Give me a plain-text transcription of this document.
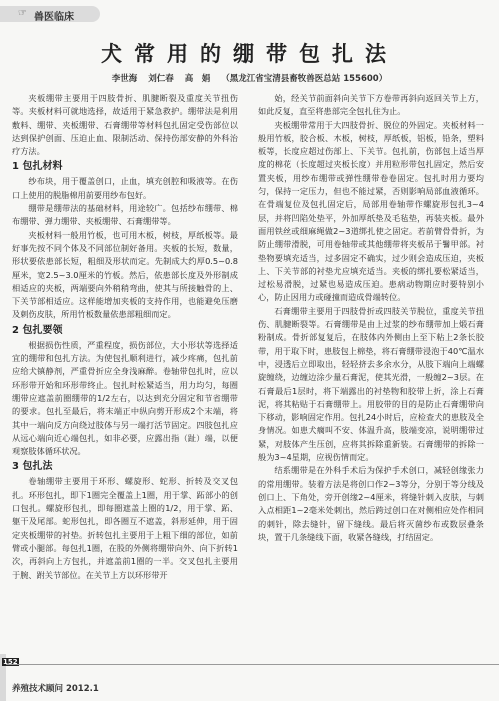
☞ 兽医临床
犬常用的绷带包扎法
李世海 刘仁春 高　娟 （黑龙江省宝清县畜牧兽医总站 155600）

夹板绷带主要用于四肢骨折、肌腱断裂及重度关节扭伤等。夹板材料可就地选择，故适用于紧急救护。绷带法是利用敷料、绷带、夹板绷带、石膏绷带等材料包扎固定受伤部位以达到保护创面、压迫止血、限制活动、保持伤部安静的外科治疗方法。

1 包扎材料

纱布块，用于覆盖创口，止血，填充创腔和吸液等。在伤口上使用的脱脂棉用前要用纱布包好。

绷带是绷带法的基础材料，用途较广。包括纱布绷带、棉布绷带、弹力绷带、夹板绷带、石膏绷带等。

夹板材料一般用竹板，也可用木板，树枝，厚纸板等。最好事先按不同个体及不同部位制好备用。夹板的长短，数量，形状要依患部长短，粗细及形状而定。先制成大约厚0.5~0.8厘米，宽2.5~3.0厘米的竹板。然后，依患部长度及外形制成相适应的夹板，两端要向外稍稍弯曲，使其与所接触骨的上、下关节部相适应。这样能增加夹板的支持作用，也能避免压磨及刺伤皮肤，所用竹板数量依患部粗细而定。

2 包扎要领

根据损伤性质，严重程度，损伤部位，大小形状等选择适宜的绷带和包扎方法。为使包扎顺利进行，减少疼痛，包扎前应给犬镇静剂，严重骨折应全身浅麻醉。卷轴带包扎时，应以环形带开始和环形带终止。包扎时松紧适当，用力均匀，每圈绷带应遮盖前圈绷带的1/2左右，以达到充分固定和节省绷带的要求。包扎至最后，将末端正中纵向剪开形成2个末端，将其中一端向反方向绕过肢体与另一端打活节固定。四肢包扎应从远心端向近心端包扎，如非必要，应露出指（趾）端，以便观察肢体循环状况。

3 包扎法

卷轴绷带主要用于环形、螺旋形、蛇形、折转及交叉包扎。环形包扎，即下1圈完全覆盖上1圈，用于掌、跖部小的创口包扎。螺旋形包扎，即每圈遮盖上圈的1/2，用于掌、跖、躯干及尾部。蛇形包扎，即各圈互不遮盖，斜形延伸，用于固定夹板绷带的衬垫。折转包扎主要用于上粗下细的部位，如前臂或小腿部。每包扎1圈，在股的外侧将绷带向外、向下折转1次，再斜向上方包扎，并遮盖前1圈的一半。交叉包扎主要用于腕、跗关节部位。在关节上方以环形带开

始，经关节前面斜向关节下方卷带再斜向返回关节上方，如此反复，直至将患部完全包扎住为止。

夹板绷带常用于大四肢骨折、脱位的外固定。夹板材料一般用竹板，胶合板、木板，树枝，厚纸板，铝板，铅条，塑料板等，长度应超过伤部上、下关节。包扎前，伤部包上适当厚度的棉花（长度超过夹板长度）并用粒形带包扎固定，然后安置夹板，用纱布绷带或弹性绷带卷卷固定。包扎时用力要均匀，保持一定压力，但也不能过紧，否则影响局部血液循环。在骨端复位及包扎固定后，局部用卷轴带作螺旋形包扎3~4层，并将凹陷处垫平，外加厚纸垫及毛毡垫，再装夹板。最外面用铁丝或细麻绳做2~3道绑扎使之固定。若前臂骨骨折，为防止绷带滑脱，可用卷轴带或其他绷带将夹板吊于鬐甲部。衬垫物要填充适当，过多固定不确实，过少则会造成压迫，夹板上、下关节部的衬垫尤应填充适当。夹板的绑扎要松紧适当，过松易滑脱，过紧也易造成压迫。患病动物期应时要特别小心，防止因用力或碰撞而造成骨端转位。

石膏绷带主要用于四肢骨折或四肢关节脱位，重度关节扭伤、肌腱断裂等。石膏绷带是由上过浆的纱布绷带加上煅石膏粉制成。骨折部复复后，在肢体内外侧由上至下粘上2条长胶带，用于取下时，患肢包上棉垫，将石膏绷带浸泡于40℃温水中，浸透后立即取出，轻轻挤去多余水分，从肢下端向上端螺旋缠绕，边缠边涂少量石膏泥，使其光滑，一般缠2~3层。在石膏最后1层时，将下端露出的衬垫物和胶带上折，涂上石膏泥，将其粘贴于石膏绷带上。用胶带的目的是防止石膏绷带向下移动，影响固定作用。包扎24小时后，应检查犬的患肢及全身情况。如患犬瘸叫不安、体温升高，肢端变凉，说明绷带过紧，对肢体产生压创，应将其拆除重新装。石膏绷带的拆除一般为3~4星期，应视伤情而定。

结系绷带是在外科手术后为保护手术创口，减轻创缘张力的常用绷带。装着方法是将创口作2~3等分，分别于等分线及创口上、下角处，旁开创缘2~4厘米，将缝针刺入皮肤，与刺入点相距1~2毫米处刺出，然后跨过创口在对侧相应处作相同的刺针，除去缝针，留下缝线。最后将灭菌纱布或数层叠条块，置于几条缝线下面，收紧各缝线，打结固定。

152
养殖技术顾问 2012.1
